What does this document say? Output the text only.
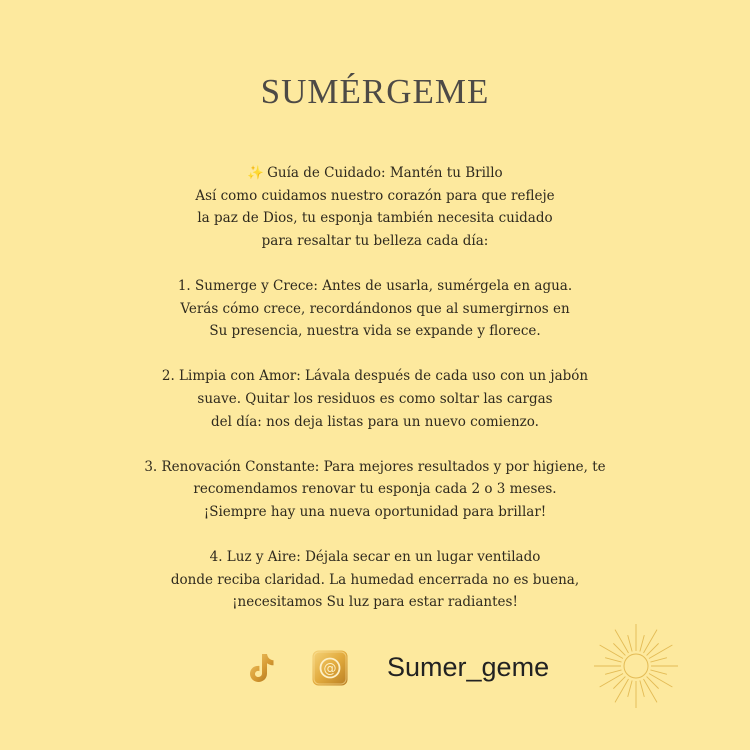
SUMÉRGEME
✨ Guía de Cuidado: Mantén tu Brillo
Así como cuidamos nuestro corazón para que refleje
la paz de Dios, tu esponja también necesita cuidado
para resaltar tu belleza cada día:
1. Sumerge y Crece: Antes de usarla, sumérgela en agua.
Verás cómo crece, recordándonos que al sumergirnos en
Su presencia, nuestra vida se expande y florece.
2. Limpia con Amor: Lávala después de cada uso con un jabón
suave. Quitar los residuos es como soltar las cargas
del día: nos deja listas para un nuevo comienzo.
3. Renovación Constante: Para mejores resultados y por higiene, te
recomendamos renovar tu esponja cada 2 o 3 meses.
¡Siempre hay una nueva oportunidad para brillar!
4. Luz y Aire: Déjala secar en un lugar ventilado
donde reciba claridad. La humedad encerrada no es buena,
¡necesitamos Su luz para estar radiantes!
@ Sumer_geme
